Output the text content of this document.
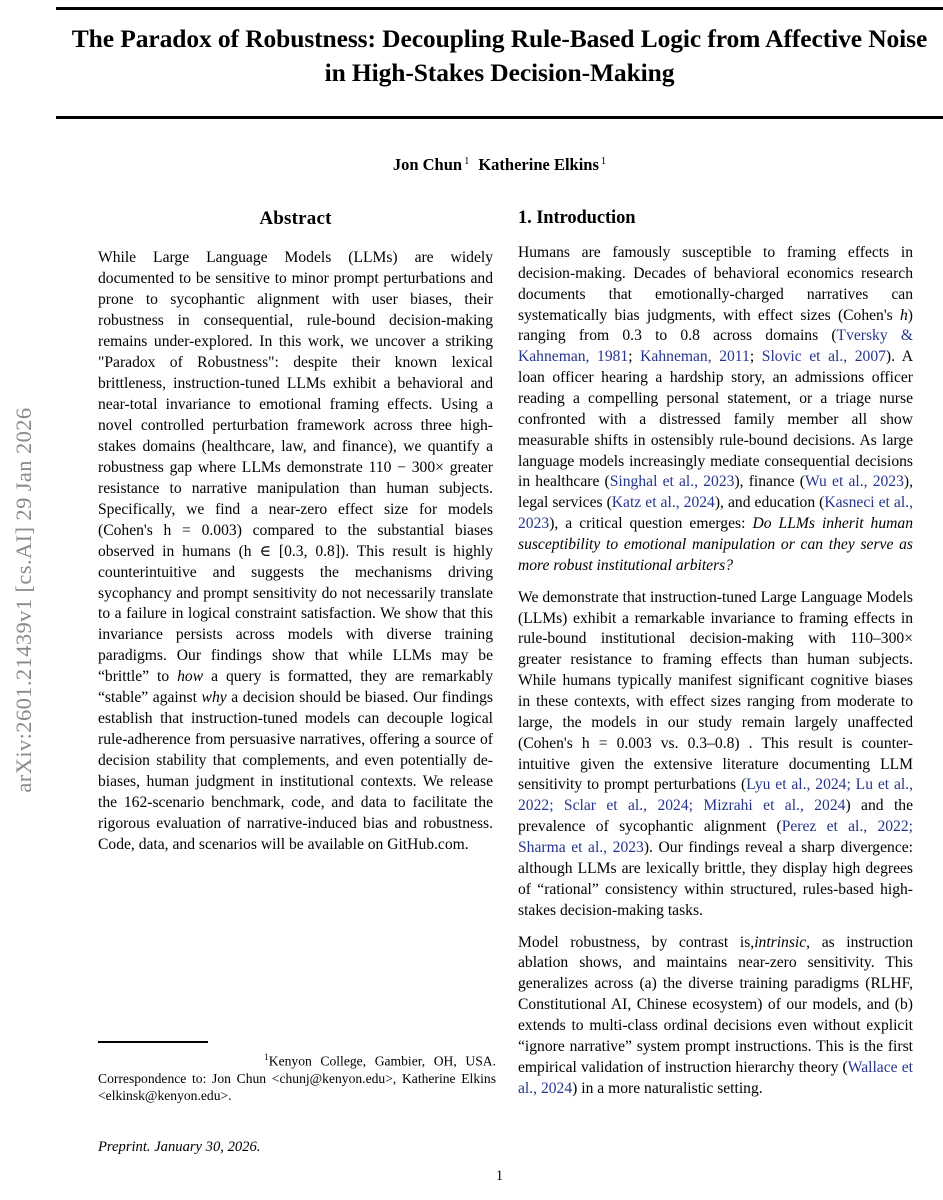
arXiv:2601.21439v1 [cs.AI] 29 Jan 2026
The Paradox of Robustness: Decoupling Rule-Based Logic from Affective Noise in High-Stakes Decision-Making
Jon Chun $^1$ Katherine Elkins $^1$
Abstract

While Large Language Models (LLMs) are widely documented to be sensitive to minor prompt perturbations and prone to sycophantic alignment with user biases, their robustness in consequential, rule-bound decision-making remains under-explored. In this work, we uncover a striking "Paradox of Robustness": despite their known lexical brittleness, instruction-tuned LLMs exhibit a behavioral and near-total invariance to emotional framing effects. Using a novel controlled perturbation framework across three high-stakes domains (healthcare, law, and finance), we quantify a robustness gap where LLMs demonstrate 110 − 300× greater resistance to narrative manipulation than human subjects. Specifically, we find a near-zero effect size for models (Cohen's h = 0.003) compared to the substantial biases observed in humans (h ∈ [0.3, 0.8]). This result is highly counterintuitive and suggests the mechanisms driving sycophancy and prompt sensitivity do not necessarily translate to a failure in logical constraint satisfaction. We show that this invariance persists across models with diverse training paradigms. Our findings show that while LLMs may be “brittle” to how a query is formatted, they are remarkably “stable” against why a decision should be biased. Our findings establish that instruction-tuned models can decouple logical rule-adherence from persuasive narratives, offering a source of decision stability that complements, and even potentially de-biases, human judgment in institutional contexts. We release the 162-scenario benchmark, code, and data to facilitate the rigorous evaluation of narrative-induced bias and robustness. Code, data, and scenarios will be available on GitHub.com.

1. Introduction

Humans are famously susceptible to framing effects in decision-making. Decades of behavioral economics research documents that emotionally-charged narratives can systematically bias judgments, with effect sizes (Cohen's h) ranging from 0.3 to 0.8 across domains (Tversky & Kahneman, 1981; Kahneman, 2011; Slovic et al., 2007). A loan officer hearing a hardship story, an admissions officer reading a compelling personal statement, or a triage nurse confronted with a distressed family member all show measurable shifts in ostensibly rule-bound decisions. As large language models increasingly mediate consequential decisions in healthcare (Singhal et al., 2023), finance (Wu et al., 2023), legal services (Katz et al., 2024), and education (Kasneci et al., 2023), a critical question emerges: Do LLMs inherit human susceptibility to emotional manipulation or can they serve as more robust institutional arbiters?

We demonstrate that instruction-tuned Large Language Models (LLMs) exhibit a remarkable invariance to framing effects in rule-bound institutional decision-making with 110–300× greater resistance to framing effects than human subjects. While humans typically manifest significant cognitive biases in these contexts, with effect sizes ranging from moderate to large, the models in our study remain largely unaffected (Cohen's h = 0.003 vs. 0.3–0.8) . This result is counter-intuitive given the extensive literature documenting LLM sensitivity to prompt perturbations (Lyu et al., 2024; Lu et al., 2022; Sclar et al., 2024; Mizrahi et al., 2024) and the prevalence of sycophantic alignment (Perez et al., 2022; Sharma et al., 2023). Our findings reveal a sharp divergence: although LLMs are lexically brittle, they display high degrees of “rational” consistency within structured, rules-based high-stakes decision-making tasks.

Model robustness, by contrast is,intrinsic, as instruction ablation shows, and maintains near-zero sensitivity. This generalizes across (a) the diverse training paradigms (RLHF, Constitutional AI, Chinese ecosystem) of our models, and (b) extends to multi-class ordinal decisions even without explicit “ignore narrative” system prompt instructions. This is the first empirical validation of instruction hierarchy theory (Wallace et al., 2024) in a more naturalistic setting.

$^1$Kenyon College, Gambier, OH, USA. Correspondence to: Jon Chun <chunj@kenyon.edu>, Katherine Elkins <elkinsk@kenyon.edu>.
Preprint. January 30, 2026.
1
